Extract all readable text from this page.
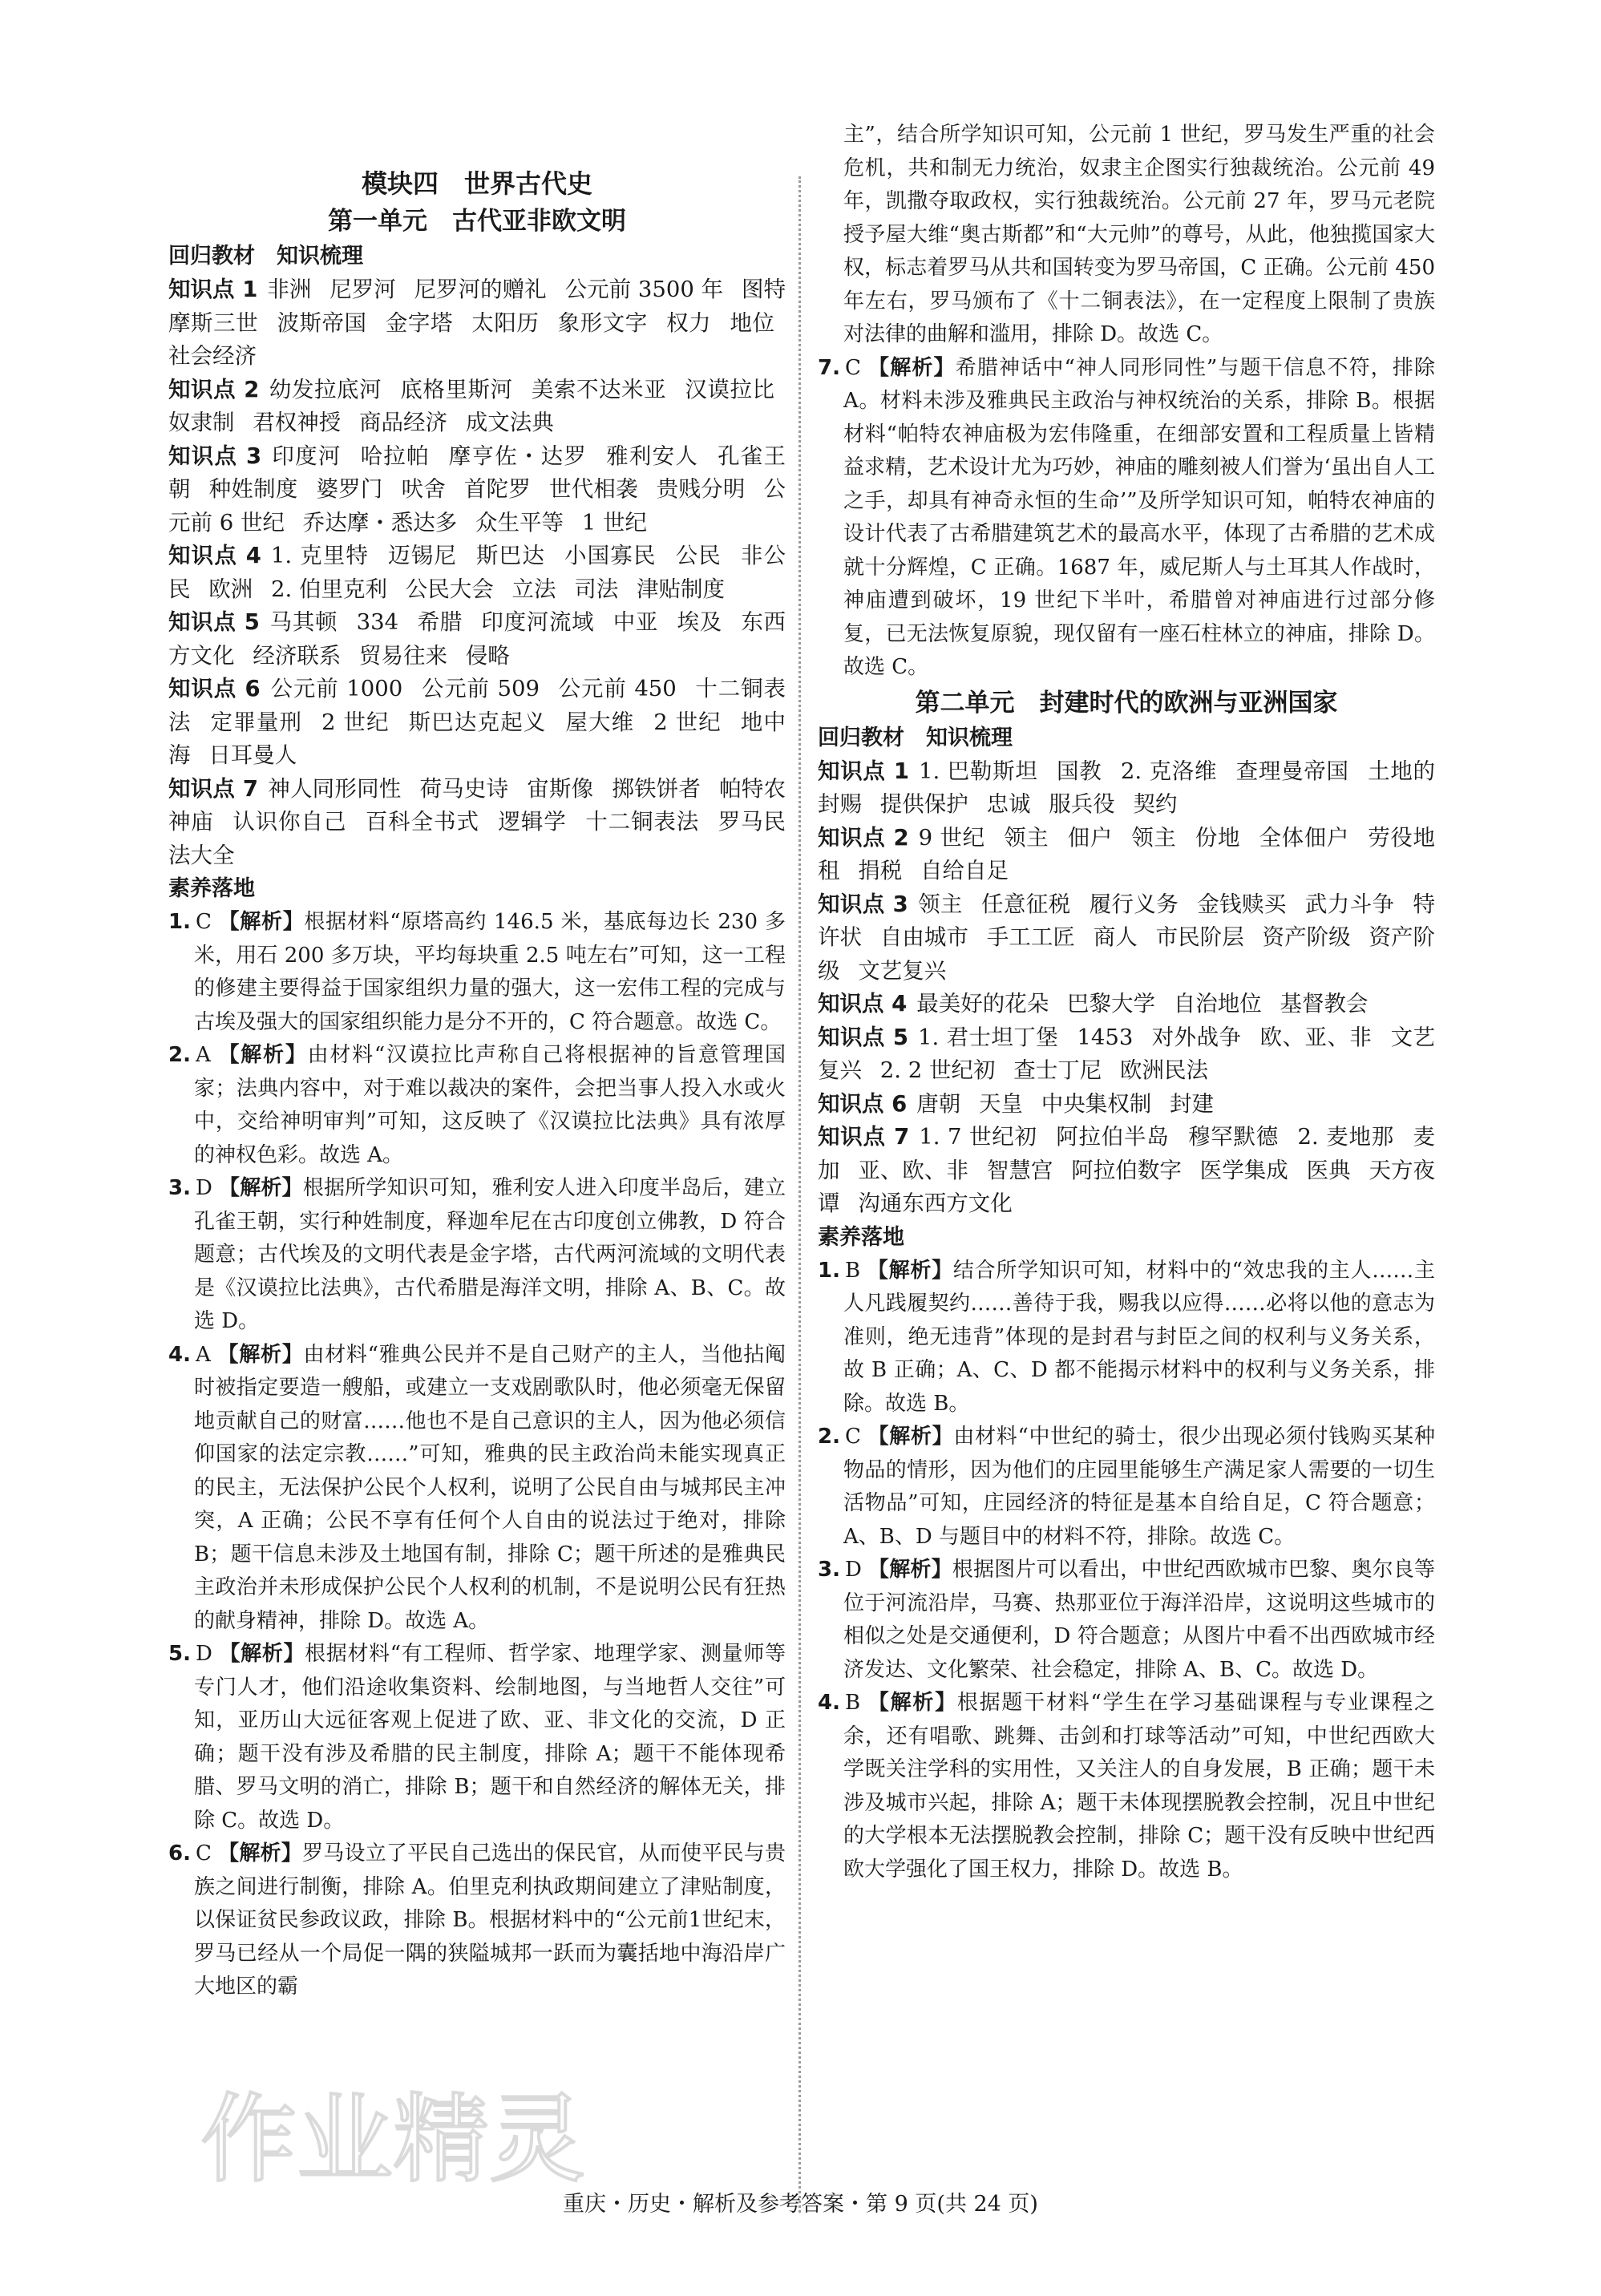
模块四　世界古代史

第一单元　古代亚非欧文明

回归教材　知识梳理

知识点 1 非洲 尼罗河 尼罗河的赠礼 公元前 3500 年 图特摩斯三世 波斯帝国 金字塔 太阳历 象形文字 权力 地位 社会经济

知识点 2 幼发拉底河 底格里斯河 美索不达米亚 汉谟拉比 奴隶制 君权神授 商品经济 成文法典

知识点 3 印度河 哈拉帕 摩亨佐・达罗 雅利安人 孔雀王朝 种姓制度 婆罗门 吠舍 首陀罗 世代相袭 贵贱分明 公元前 6 世纪 乔达摩・悉达多 众生平等 1 世纪

知识点 4 1. 克里特 迈锡尼 斯巴达 小国寡民 公民 非公民 欧洲 2. 伯里克利 公民大会 立法 司法 津贴制度

知识点 5 马其顿 334 希腊 印度河流域 中亚 埃及 东西方文化 经济联系 贸易往来 侵略

知识点 6 公元前 1000 公元前 509 公元前 450 十二铜表法 定罪量刑 2 世纪 斯巴达克起义 屋大维 2 世纪 地中海 日耳曼人

知识点 7 神人同形同性 荷马史诗 宙斯像 掷铁饼者 帕特农神庙 认识你自己 百科全书式 逻辑学 十二铜表法 罗马民法大全

素养落地

1. C 【解析】根据材料“原塔高约 146.5 米，基底每边长 230 多米，用石 200 多万块，平均每块重 2.5 吨左右”可知，这一工程的修建主要得益于国家组织力量的强大，这一宏伟工程的完成与古埃及强大的国家组织能力是分不开的，C 符合题意。故选 C。

2. A 【解析】由材料“汉谟拉比声称自己将根据神的旨意管理国家；法典内容中，对于难以裁决的案件，会把当事人投入水或火中，交给神明审判”可知，这反映了《汉谟拉比法典》具有浓厚的神权色彩。故选 A。

3. D 【解析】根据所学知识可知，雅利安人进入印度半岛后，建立孔雀王朝，实行种姓制度，释迦牟尼在古印度创立佛教，D 符合题意；古代埃及的文明代表是金字塔，古代两河流域的文明代表是《汉谟拉比法典》，古代希腊是海洋文明，排除 A、B、C。故选 D。

4. A 【解析】由材料“雅典公民并不是自己财产的主人，当他拈阄时被指定要造一艘船，或建立一支戏剧歌队时，他必须毫无保留地贡献自己的财富……他也不是自己意识的主人，因为他必须信仰国家的法定宗教……”可知，雅典的民主政治尚未能实现真正的民主，无法保护公民个人权利，说明了公民自由与城邦民主冲突，A 正确；公民不享有任何个人自由的说法过于绝对，排除 B；题干信息未涉及土地国有制，排除 C；题干所述的是雅典民主政治并未形成保护公民个人权利的机制，不是说明公民有狂热的献身精神，排除 D。故选 A。

5. D 【解析】根据材料“有工程师、哲学家、地理学家、测量师等专门人才，他们沿途收集资料、绘制地图，与当地哲人交往”可知，亚历山大远征客观上促进了欧、亚、非文化的交流，D 正确；题干没有涉及希腊的民主制度，排除 A；题干不能体现希腊、罗马文明的消亡，排除 B；题干和自然经济的解体无关，排除 C。故选 D。

6. C 【解析】罗马设立了平民自己选出的保民官，从而使平民与贵族之间进行制衡，排除 A。伯里克利执政期间建立了津贴制度，以保证贫民参政议政，排除 B。根据材料中的“公元前1世纪末，罗马已经从一个局促一隅的狭隘城邦一跃而为囊括地中海沿岸广大地区的霸

主”，结合所学知识可知，公元前 1 世纪，罗马发生严重的社会危机，共和制无力统治，奴隶主企图实行独裁统治。公元前 49 年，凯撒夺取政权，实行独裁统治。公元前 27 年，罗马元老院授予屋大维“奥古斯都”和“大元帅”的尊号，从此，他独揽国家大权，标志着罗马从共和国转变为罗马帝国，C 正确。公元前 450 年左右，罗马颁布了《十二铜表法》，在一定程度上限制了贵族对法律的曲解和滥用，排除 D。故选 C。

7. C 【解析】希腊神话中“神人同形同性”与题干信息不符，排除 A。材料未涉及雅典民主政治与神权统治的关系，排除 B。根据材料“帕特农神庙极为宏伟隆重，在细部安置和工程质量上皆精益求精，艺术设计尤为巧妙，神庙的雕刻被人们誉为‘虽出自人工之手，却具有神奇永恒的生命’”及所学知识可知，帕特农神庙的设计代表了古希腊建筑艺术的最高水平，体现了古希腊的艺术成就十分辉煌，C 正确。1687 年，威尼斯人与土耳其人作战时，神庙遭到破坏，19 世纪下半叶，希腊曾对神庙进行过部分修复，已无法恢复原貌，现仅留有一座石柱林立的神庙，排除 D。故选 C。

第二单元　封建时代的欧洲与亚洲国家

回归教材　知识梳理

知识点 1 1. 巴勒斯坦 国教 2. 克洛维 查理曼帝国 土地的封赐 提供保护 忠诚 服兵役 契约

知识点 2 9 世纪 领主 佃户 领主 份地 全体佃户 劳役地租 捐税 自给自足

知识点 3 领主 任意征税 履行义务 金钱赎买 武力斗争 特许状 自由城市 手工工匠 商人 市民阶层 资产阶级 资产阶级 文艺复兴

知识点 4 最美好的花朵 巴黎大学 自治地位 基督教会

知识点 5 1. 君士坦丁堡 1453 对外战争 欧、亚、非 文艺复兴 2. 2 世纪初 查士丁尼 欧洲民法

知识点 6 唐朝 天皇 中央集权制 封建

知识点 7 1. 7 世纪初 阿拉伯半岛 穆罕默德 2. 麦地那 麦加 亚、欧、非 智慧宫 阿拉伯数字 医学集成 医典 天方夜谭 沟通东西方文化

素养落地

1. B 【解析】结合所学知识可知，材料中的“效忠我的主人……主人凡践履契约……善待于我，赐我以应得……必将以他的意志为准则，绝无违背”体现的是封君与封臣之间的权利与义务关系，故 B 正确；A、C、D 都不能揭示材料中的权利与义务关系，排除。故选 B。

2. C 【解析】由材料“中世纪的骑士，很少出现必须付钱购买某种物品的情形，因为他们的庄园里能够生产满足家人需要的一切生活物品”可知，庄园经济的特征是基本自给自足，C 符合题意；A、B、D 与题目中的材料不符，排除。故选 C。

3. D 【解析】根据图片可以看出，中世纪西欧城市巴黎、奥尔良等位于河流沿岸，马赛、热那亚位于海洋沿岸，这说明这些城市的相似之处是交通便利，D 符合题意；从图片中看不出西欧城市经济发达、文化繁荣、社会稳定，排除 A、B、C。故选 D。

4. B 【解析】根据题干材料“学生在学习基础课程与专业课程之余，还有唱歌、跳舞、击剑和打球等活动”可知，中世纪西欧大学既关注学科的实用性，又关注人的自身发展，B 正确；题干未涉及城市兴起，排除 A；题干未体现摆脱教会控制，况且中世纪的大学根本无法摆脱教会控制，排除 C；题干没有反映中世纪西欧大学强化了国王权力，排除 D。故选 B。

作业精灵
重庆・历史・解析及参考答案・第 9 页(共 24 页)
